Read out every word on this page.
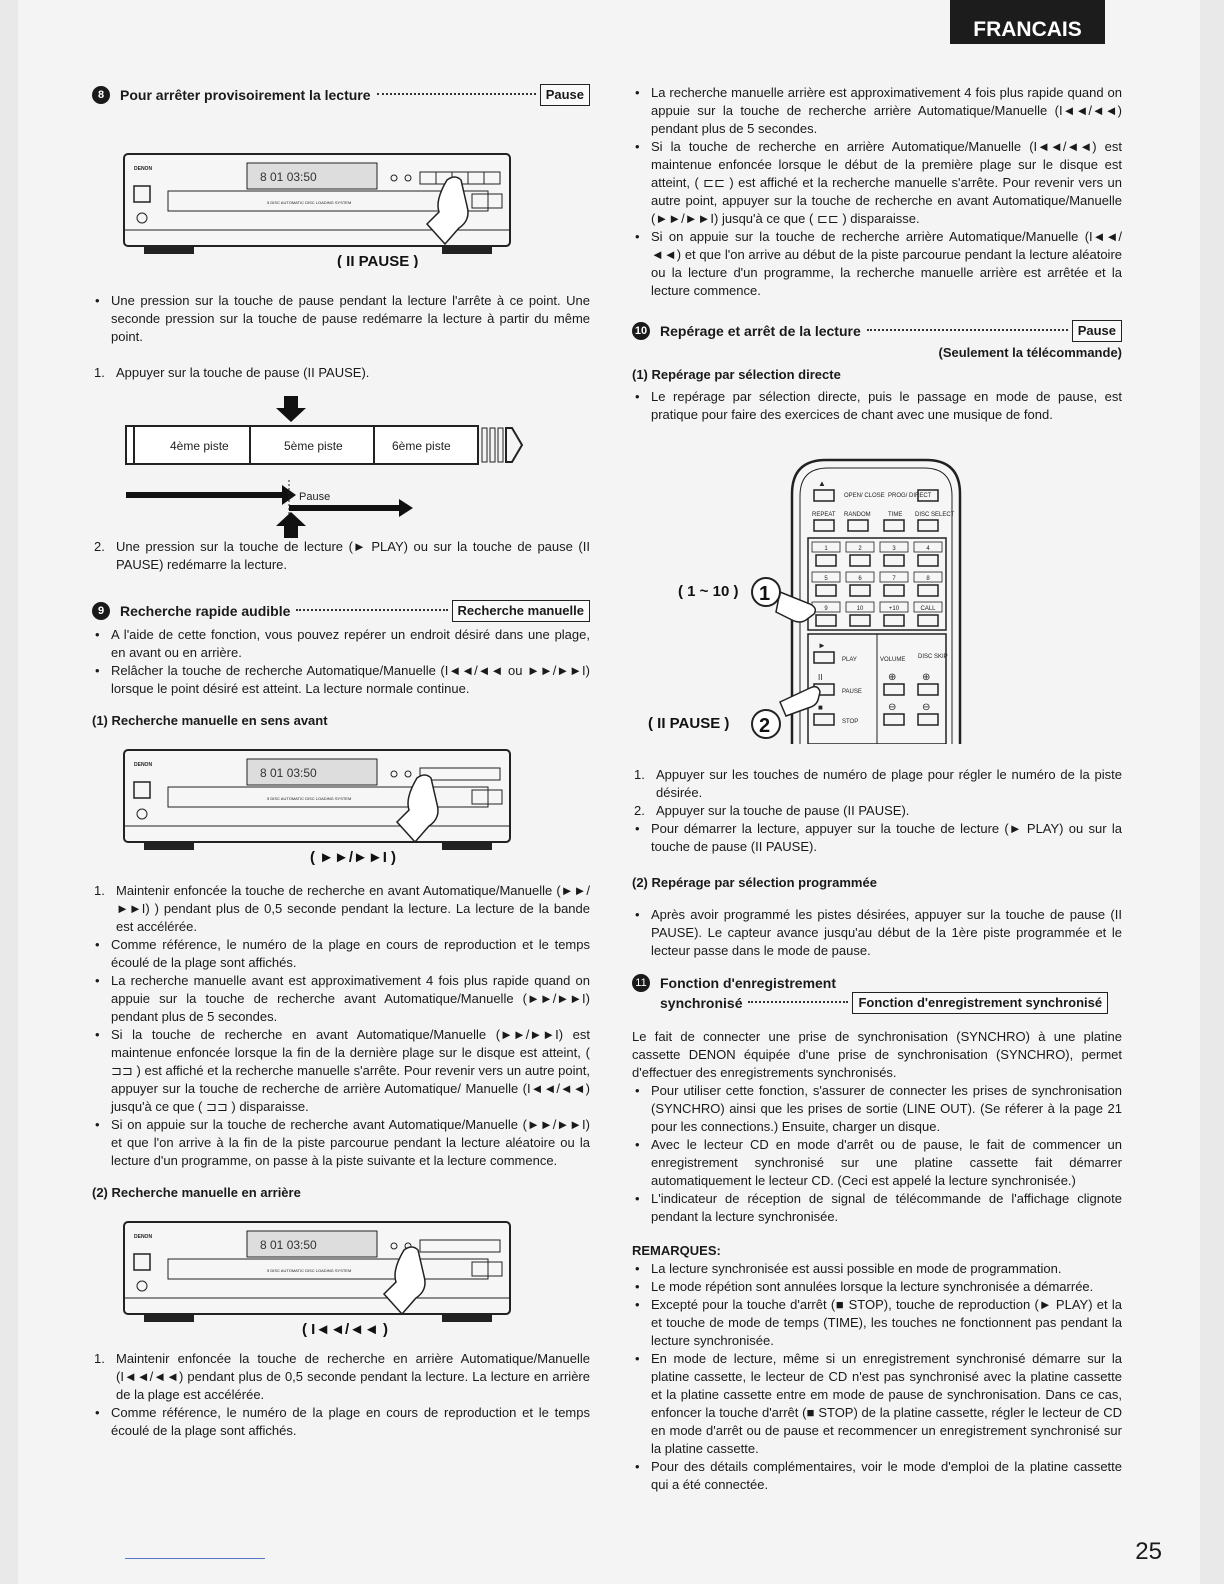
FRANCAIS
8	Pour arrêter provisoirement la lecture	Pause
DENON
8 01 03:50
5 DISC AUTOMATIC DISC LOADING SYSTEM
( II PAUSE )

• Une pression sur la touche de pause pendant la lecture l'arrête à ce point. Une seconde pression sur la touche de pause redémarre la lecture à partir du même point.

1. Appuyer sur la touche de pause (II PAUSE).

4ème piste	5ème piste	6ème piste
Pause

2. Une pression sur la touche de lecture (► PLAY) ou sur la touche de pause (II PAUSE) redémarre la lecture.

9	Recherche rapide audible	Recherche manuelle

• A l'aide de cette fonction, vous pouvez repérer un endroit désiré dans une plage, en avant ou en arrière.

• Relâcher la touche de recherche Automatique/Manuelle (I◄◄/◄◄ ou ►►/►►I) lorsque le point désiré est atteint. La lecture normale continue.

(1) Recherche manuelle en sens avant

DENON
8 01 03:50
5 DISC AUTOMATIC DISC LOADING SYSTEM
( ►►/►►I )

1. Maintenir enfoncée la touche de recherche en avant Automatique/Manuelle (►►/►►I) ) pendant plus de 0,5 seconde pendant la lecture. La lecture de la bande est accélérée.

• Comme référence, le numéro de la plage en cours de reproduction et le temps écoulé de la plage sont affichés.

• La recherche manuelle avant est approximativement 4 fois plus rapide quand on appuie sur la touche de recherche avant Automatique/Manuelle (►►/►►I) pendant plus de 5 secondes.

• Si la touche de recherche en avant Automatique/Manuelle (►►/►►I) est maintenue enfoncée lorsque la fin de la dernière plage sur le disque est atteint, ( ⊐⊐ ) est affiché et la recherche manuelle s'arrête. Pour revenir vers un autre point, appuyer sur la touche de recherche de arrière Automatique/ Manuelle (I◄◄/◄◄) jusqu'à ce que ( ⊐⊐ ) disparaisse.

• Si on appuie sur la touche de recherche avant Automatique/Manuelle (►►/►►I) et que l'on arrive à la fin de la piste parcourue pendant la lecture aléatoire ou la lecture d'un programme, on passe à la piste suivante et la lecture commence.

(2) Recherche manuelle en arrière

DENON
8 01 03:50
5 DISC AUTOMATIC DISC LOADING SYSTEM
( I◄◄/◄◄ )

1. Maintenir enfoncée la touche de recherche en arrière Automatique/Manuelle (I◄◄/◄◄) pendant plus de 0,5 seconde pendant la lecture. La lecture en arrière de la plage est accélérée.

• Comme référence, le numéro de la plage en cours de reproduction et le temps écoulé de la plage sont affichés.

• La recherche manuelle arrière est approximativement 4 fois plus rapide quand on appuie sur la touche de recherche arrière Automatique/Manuelle (I◄◄/◄◄) pendant plus de 5 secondes.

• Si la touche de recherche en arrière Automatique/Manuelle (I◄◄/◄◄) est maintenue enfoncée lorsque le début de la première plage sur le disque est atteint, ( ⊏⊏ ) est affiché et la recherche manuelle s'arrête. Pour revenir vers un autre point, appuyer sur la touche de recherche en avant Automatique/Manuelle (►►/►►I) jusqu'à ce que ( ⊏⊏ ) disparaisse.

• Si on appuie sur la touche de recherche arrière Automatique/Manuelle (I◄◄/◄◄) et que l'on arrive au début de la piste parcourue pendant la lecture aléatoire ou la lecture d'un programme, la recherche manuelle arrière est arrêtée et la lecture commence.

10 Repérage et arrêt de la lecture	Pause

(Seulement la télécommande)

(1) Repérage par sélection directe

• Le repérage par sélection directe, puis le passage en mode de pause, est pratique pour faire des exercices de chant avec une musique de fond.

▲
OPEN/ CLOSE PROG/ DIRECT
REPEAT RANDOM	TIME DISC SELECT
1	2	3	4
5	6	7	8
9	10	+10	CALL
►
PLAY	VOLUME DISC SKIP
II
PAUSE
⊕	⊕
■
STOP
⊖	⊖
( 1 ~ 10 ) 1
( II PAUSE ) 2

1. Appuyer sur les touches de numéro de plage pour régler le numéro de la piste désirée.

2. Appuyer sur la touche de pause (II PAUSE).

• Pour démarrer la lecture, appuyer sur la touche de lecture (► PLAY) ou sur la touche de pause (II PAUSE).

(2) Repérage par sélection programmée

• Après avoir programmé les pistes désirées, appuyer sur la touche de pause (II PAUSE). Le capteur avance jusqu'au début de la 1ère piste programmée et le lecteur passe dans le mode de pause.

11 Fonction d'enregistrement
synchronisé	Fonction d'enregistrement synchronisé

Le fait de connecter une prise de synchronisation (SYNCHRO) à une platine cassette DENON équipée d'une prise de synchronisation (SYNCHRO), permet d'effectuer des enregistrements synchronisés.

• Pour utiliser cette fonction, s'assurer de connecter les prises de synchronisation (SYNCHRO) ainsi que les prises de sortie (LINE OUT). (Se réferer à la page 21 pour les connections.) Ensuite, charger un disque.

• Avec le lecteur CD en mode d'arrêt ou de pause, le fait de commencer un enregistrement synchronisé sur une platine cassette fait démarrer automatiquement le lecteur CD. (Ceci est appelé la lecture synchronisée.)

• L'indicateur de réception de signal de télécommande de l'affichage clignote pendant la lecture synchronisée.

REMARQUES:

• La lecture synchronisée est aussi possible en mode de programmation.

• Le mode répétion sont annulées lorsque la lecture synchronisée a démarrée.

• Excepté pour la touche d'arrêt (■ STOP), touche de reproduction (► PLAY) et la et touche de mode de temps (TIME), les touches ne fonctionnent pas pendant la lecture synchronisée.

• En mode de lecture, même si un enregistrement synchronisé démarre sur la platine cassette, le lecteur de CD n'est pas synchronisé avec la platine cassette et la platine cassette entre em mode de pause de synchronisation. Dans ce cas, enfoncer la touche d'arrêt (■ STOP) de la platine cassette, régler le lecteur de CD en mode d'arrêt ou de pause et recommencer un enregistrement synchronisé sur la platine cassette.

• Pour des détails complémentaires, voir le mode d'emploi de la platine cassette qui a été connectée.

25
